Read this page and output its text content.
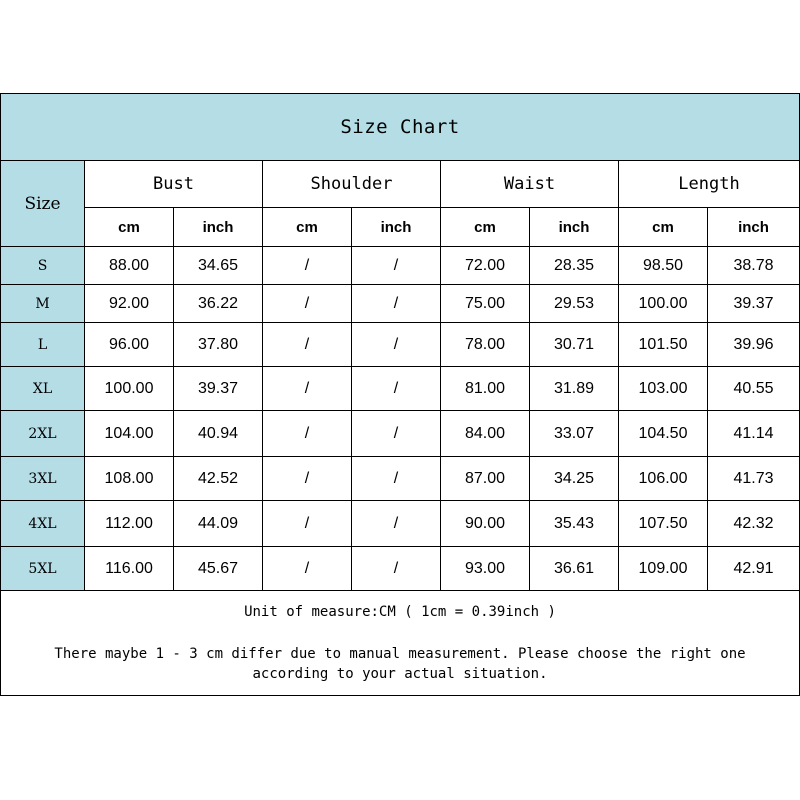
Size Chart								
Size	Bust		Shoulder		Waist		Length	
	cm	inch	cm	inch	cm	inch	cm	inch
S	88.00	34.65	/	/	72.00	28.35	98.50	38.78
M	92.00	36.22	/	/	75.00	29.53	100.00	39.37
L	96.00	37.80	/	/	78.00	30.71	101.50	39.96
XL	100.00	39.37	/	/	81.00	31.89	103.00	40.55
2XL	104.00	40.94	/	/	84.00	33.07	104.50	41.14
3XL	108.00	42.52	/	/	87.00	34.25	106.00	41.73
4XL	112.00	44.09	/	/	90.00	35.43	107.50	42.32
5XL	116.00	45.67	/	/	93.00	36.61	109.00	42.91

Unit of measure:CM ( 1cm = 0.39inch )
There maybe 1 - 3 cm differ due to manual measurement. Please choose the right one according to your actual situation.								
